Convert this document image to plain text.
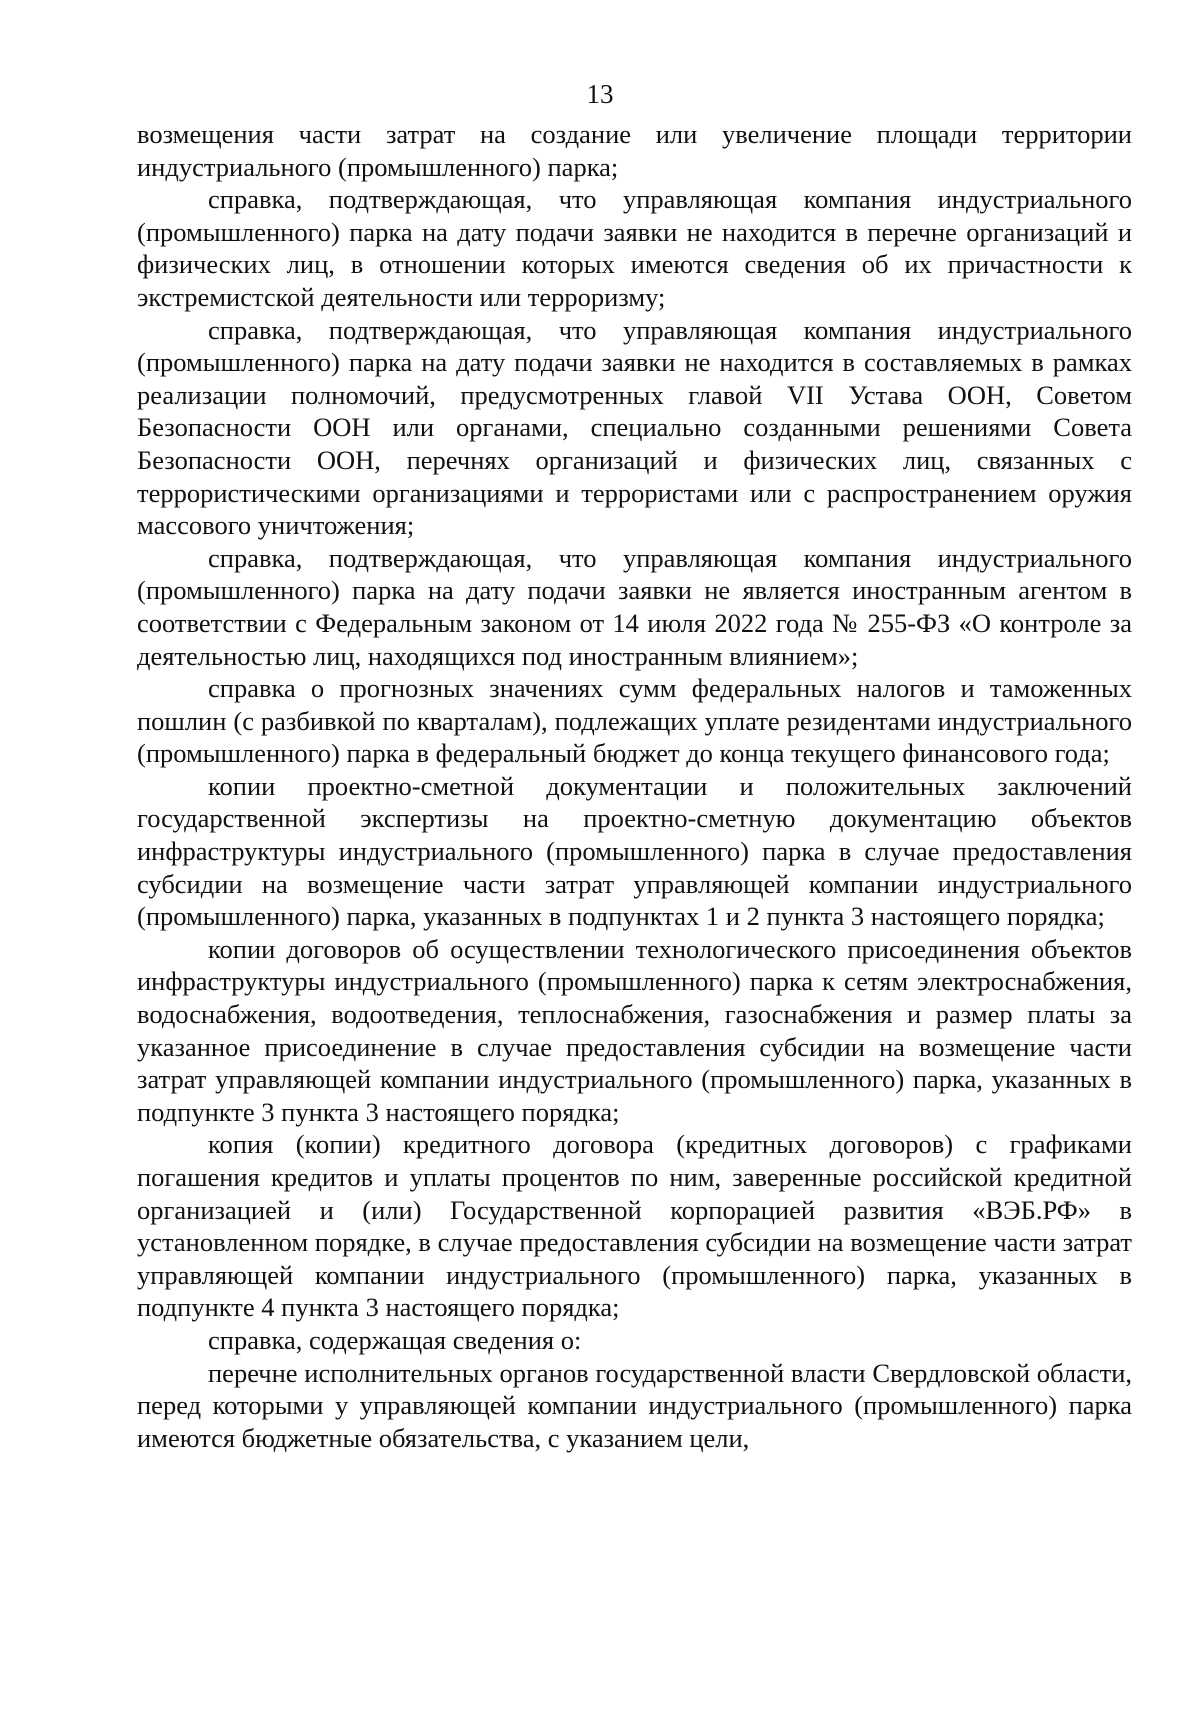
13

возмещения части затрат на создание или увеличение площади территории индустриального (промышленного) парка;

справка, подтверждающая, что управляющая компания индустриального (промышленного) парка на дату подачи заявки не находится в перечне организаций и физических лиц, в отношении которых имеются сведения об их причастности к экстремистской деятельности или терроризму;

справка, подтверждающая, что управляющая компания индустриального (промышленного) парка на дату подачи заявки не находится в составляемых в рамках реализации полномочий, предусмотренных главой VII Устава ООН, Советом Безопасности ООН или органами, специально созданными решениями Совета Безопасности ООН, перечнях организаций и физических лиц, связанных с террористическими организациями и террористами или с распространением оружия массового уничтожения;

справка, подтверждающая, что управляющая компания индустриального (промышленного) парка на дату подачи заявки не является иностранным агентом в соответствии с Федеральным законом от 14 июля 2022 года № 255-ФЗ «О контроле за деятельностью лиц, находящихся под иностранным влиянием»;

справка о прогнозных значениях сумм федеральных налогов и таможенных пошлин (с разбивкой по кварталам), подлежащих уплате резидентами индустриального (промышленного) парка в федеральный бюджет до конца текущего финансового года;

копии проектно-сметной документации и положительных заключений государственной экспертизы на проектно-сметную документацию объектов инфраструктуры индустриального (промышленного) парка в случае предоставления субсидии на возмещение части затрат управляющей компании индустриального (промышленного) парка, указанных в подпунктах 1 и 2 пункта 3 настоящего порядка;

копии договоров об осуществлении технологического присоединения объектов инфраструктуры индустриального (промышленного) парка к сетям электроснабжения, водоснабжения, водоотведения, теплоснабжения, газоснабжения и размер платы за указанное присоединение в случае предоставления субсидии на возмещение части затрат управляющей компании индустриального (промышленного) парка, указанных в подпункте 3 пункта 3 настоящего порядка;

копия (копии) кредитного договора (кредитных договоров) с графиками погашения кредитов и уплаты процентов по ним, заверенные российской кредитной организацией и (или) Государственной корпорацией развития «ВЭБ.РФ» в установленном порядке, в случае предоставления субсидии на возмещение части затрат управляющей компании индустриального (промышленного) парка, указанных в подпункте 4 пункта 3 настоящего порядка;

справка, содержащая сведения о:

перечне исполнительных органов государственной власти Свердловской области, перед которыми у управляющей компании индустриального (промышленного) парка имеются бюджетные обязательства, с указанием цели,
